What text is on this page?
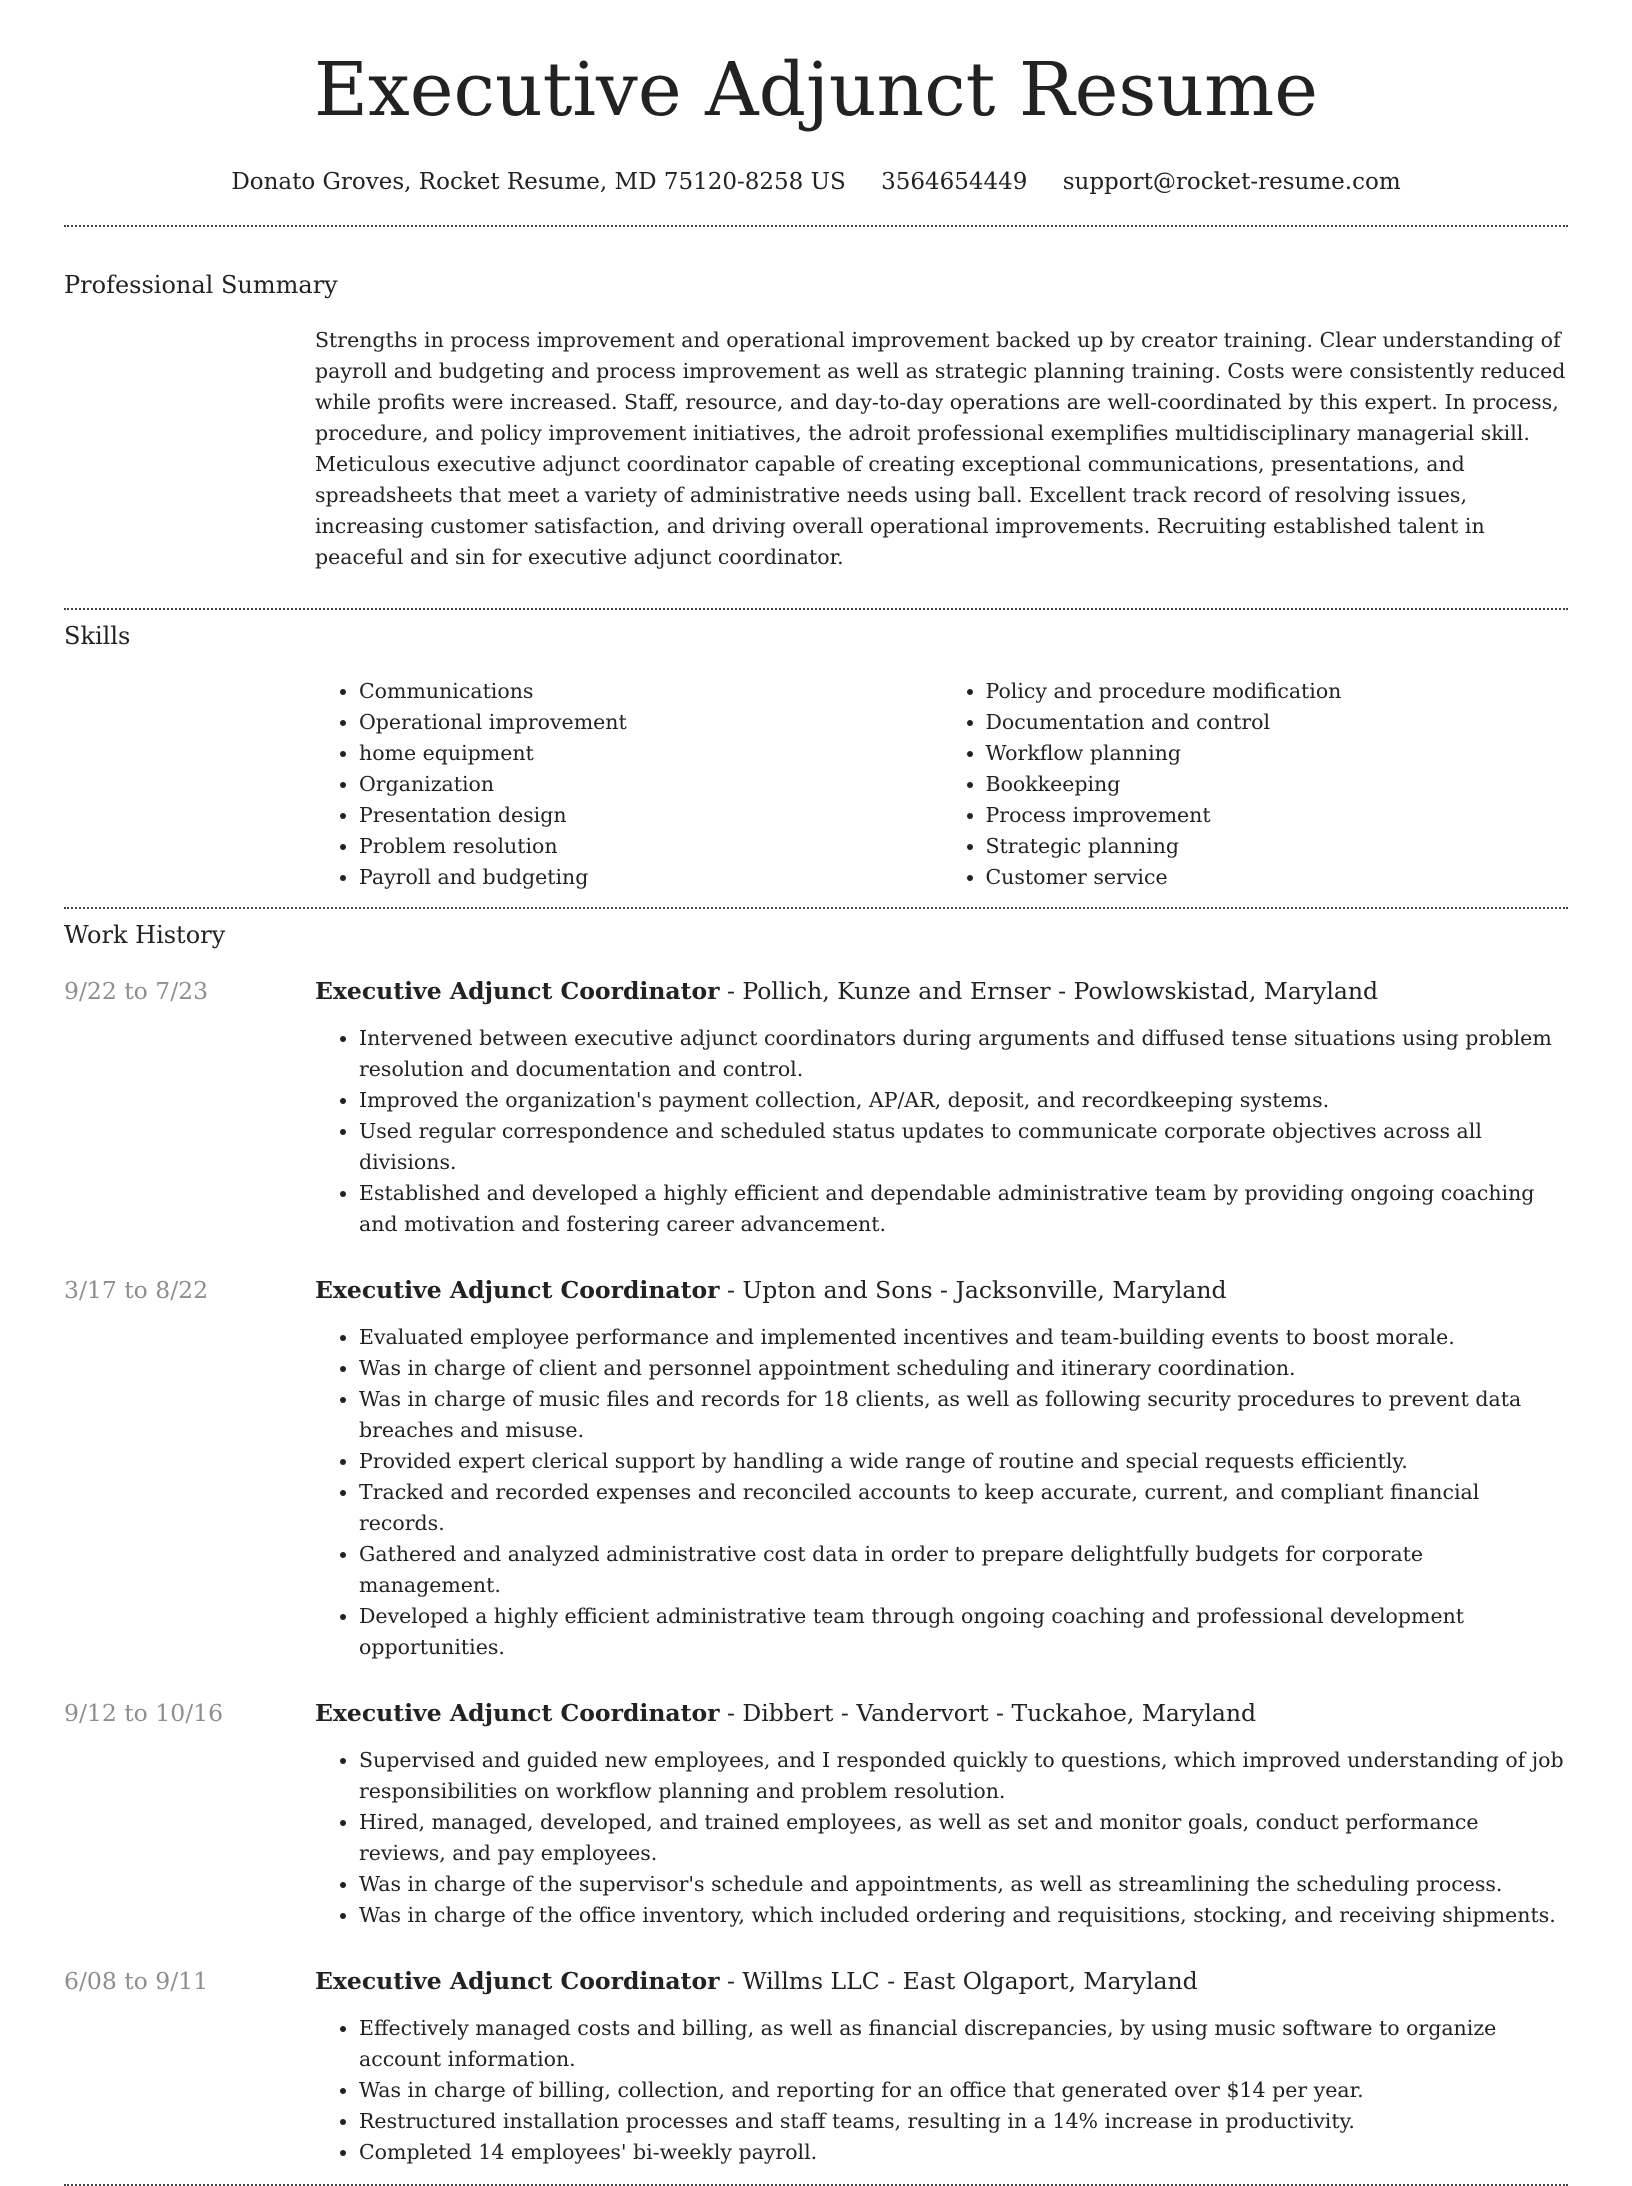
Executive Adjunct Resume
Donato Groves, Rocket Resume, MD 75120-8258 US 3564654449 support@rocket-resume.com
Professional Summary

Strengths in process improvement and operational improvement backed up by creator training. Clear understanding of payroll and budgeting and process improvement as well as strategic planning training. Costs were consistently reduced while profits were increased. Staff, resource, and day-to-day operations are well-coordinated by this expert. In process, procedure, and policy improvement initiatives, the adroit professional exemplifies multidisciplinary managerial skill. Meticulous executive adjunct coordinator capable of creating exceptional communications, presentations, and spreadsheets that meet a variety of administrative needs using ball. Excellent track record of resolving issues, increasing customer satisfaction, and driving overall operational improvements. Recruiting established talent in peaceful and sin for executive adjunct coordinator.

Skills
• Communications
• Operational improvement
• home equipment
• Organization
• Presentation design
• Problem resolution
• Payroll and budgeting
• Policy and procedure modification
• Documentation and control
• Workflow planning
• Bookkeeping
• Process improvement
• Strategic planning
• Customer service
Work History
9/22 to 7/23	Executive Adjunct Coordinator - Pollich, Kunze and Ernser - Powlowskistad, Maryland

• Intervened between executive adjunct coordinators during arguments and diffused tense situations using problem resolution and documentation and control.
• Improved the organization's payment collection, AP/AR, deposit, and recordkeeping systems.
• Used regular correspondence and scheduled status updates to communicate corporate objectives across all divisions.
• Established and developed a highly efficient and dependable administrative team by providing ongoing coaching and motivation and fostering career advancement.
3/17 to 8/22	Executive Adjunct Coordinator - Upton and Sons - Jacksonville, Maryland

• Evaluated employee performance and implemented incentives and team-building events to boost morale.
• Was in charge of client and personnel appointment scheduling and itinerary coordination.
• Was in charge of music files and records for 18 clients, as well as following security procedures to prevent data breaches and misuse.
• Provided expert clerical support by handling a wide range of routine and special requests efficiently.
• Tracked and recorded expenses and reconciled accounts to keep accurate, current, and compliant financial records.
• Gathered and analyzed administrative cost data in order to prepare delightfully budgets for corporate management.
• Developed a highly efficient administrative team through ongoing coaching and professional development opportunities.
9/12 to 10/16	Executive Adjunct Coordinator - Dibbert - Vandervort - Tuckahoe, Maryland

• Supervised and guided new employees, and I responded quickly to questions, which improved understanding of job responsibilities on workflow planning and problem resolution.
• Hired, managed, developed, and trained employees, as well as set and monitor goals, conduct performance reviews, and pay employees.
• Was in charge of the supervisor's schedule and appointments, as well as streamlining the scheduling process.
• Was in charge of the office inventory, which included ordering and requisitions, stocking, and receiving shipments.
6/08 to 9/11	Executive Adjunct Coordinator - Willms LLC - East Olgaport, Maryland

• Effectively managed costs and billing, as well as financial discrepancies, by using music software to organize account information.
• Was in charge of billing, collection, and reporting for an office that generated over $14 per year.
• Restructured installation processes and staff teams, resulting in a 14% increase in productivity.
• Completed 14 employees' bi-weekly payroll.
